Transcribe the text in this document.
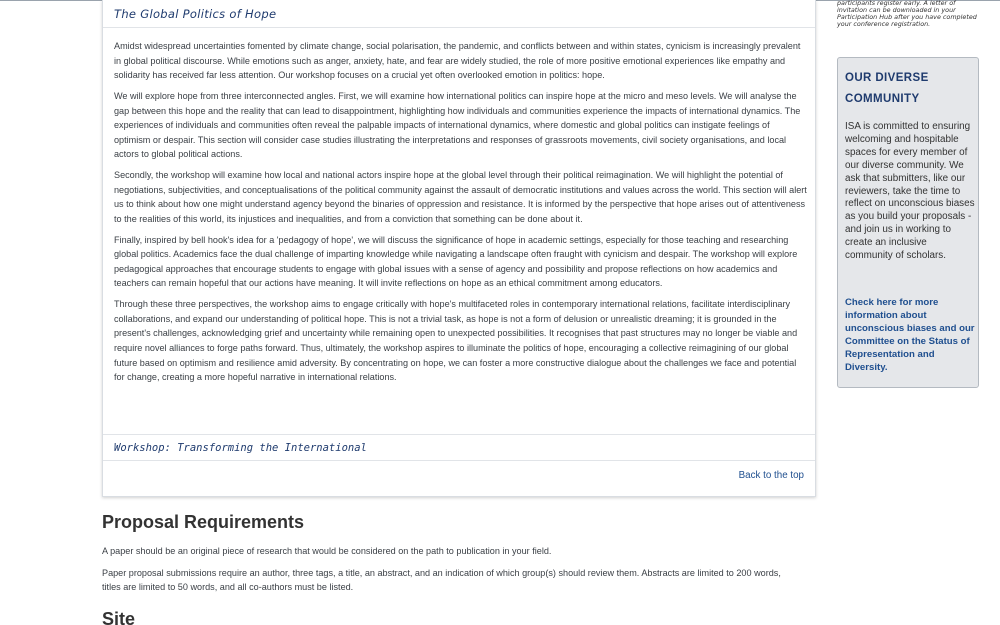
The Global Politics of Hope

Amidst widespread uncertainties fomented by climate change, social polarisation, the pandemic, and conflicts between and within states, cynicism is increasingly prevalent in global political discourse. While emotions such as anger, anxiety, hate, and fear are widely studied, the role of more positive emotional experiences like empathy and solidarity has received far less attention. Our workshop focuses on a crucial yet often overlooked emotion in politics: hope.

We will explore hope from three interconnected angles. First, we will examine how international politics can inspire hope at the micro and meso levels. We will analyse the gap between this hope and the reality that can lead to disappointment, highlighting how individuals and communities experience the impacts of international dynamics. The experiences of individuals and communities often reveal the palpable impacts of international dynamics, where domestic and global politics can instigate feelings of optimism or despair. This section will consider case studies illustrating the interpretations and responses of grassroots movements, civil society organisations, and local actors to global political actions.

Secondly, the workshop will examine how local and national actors inspire hope at the global level through their political reimagination. We will highlight the potential of negotiations, subjectivities, and conceptualisations of the political community against the assault of democratic institutions and values across the world. This section will alert us to think about how one might understand agency beyond the binaries of oppression and resistance. It is informed by the perspective that hope arises out of attentiveness to the realities of this world, its injustices and inequalities, and from a conviction that something can be done about it.

Finally, inspired by bell hook's idea for a 'pedagogy of hope', we will discuss the significance of hope in academic settings, especially for those teaching and researching global politics. Academics face the dual challenge of imparting knowledge while navigating a landscape often fraught with cynicism and despair. The workshop will explore pedagogical approaches that encourage students to engage with global issues with a sense of agency and possibility and propose reflections on how academics and teachers can remain hopeful that our actions have meaning. It will invite reflections on hope as an ethical commitment among educators.

Through these three perspectives, the workshop aims to engage critically with hope's multifaceted roles in contemporary international relations, facilitate interdisciplinary collaborations, and expand our understanding of political hope. This is not a trivial task, as hope is not a form of delusion or unrealistic dreaming; it is grounded in the present's challenges, acknowledging grief and uncertainty while remaining open to unexpected possibilities. It recognises that past structures may no longer be viable and require novel alliances to forge paths forward. Thus, ultimately, the workshop aspires to illuminate the politics of hope, encouraging a collective reimagining of our global future based on optimism and resilience amid adversity. By concentrating on hope, we can foster a more constructive dialogue about the challenges we face and potential for change, creating a more hopeful narrative in international relations.

Workshop: Transforming the International
Back to the top
Proposal Requirements

A paper should be an original piece of research that would be considered on the path to publication in your field.

Paper proposal submissions require an author, three tags, a title, an abstract, and an indication of which group(s) should review them. Abstracts are limited to 200 words, titles are limited to 50 words, and all co-authors must be listed.

Site
participants register early. A letter of invitation can be downloaded in your Participation Hub after you have completed your conference registration.
OUR DIVERSE COMMUNITY
ISA is committed to ensuring welcoming and hospitable spaces for every member of our diverse community. We ask that submitters, like our reviewers, take the time to reflect on unconscious biases as you build your proposals - and join us in working to create an inclusive community of scholars.
Check here for more information about unconscious biases and our Committee on the Status of Representation and Diversity.
